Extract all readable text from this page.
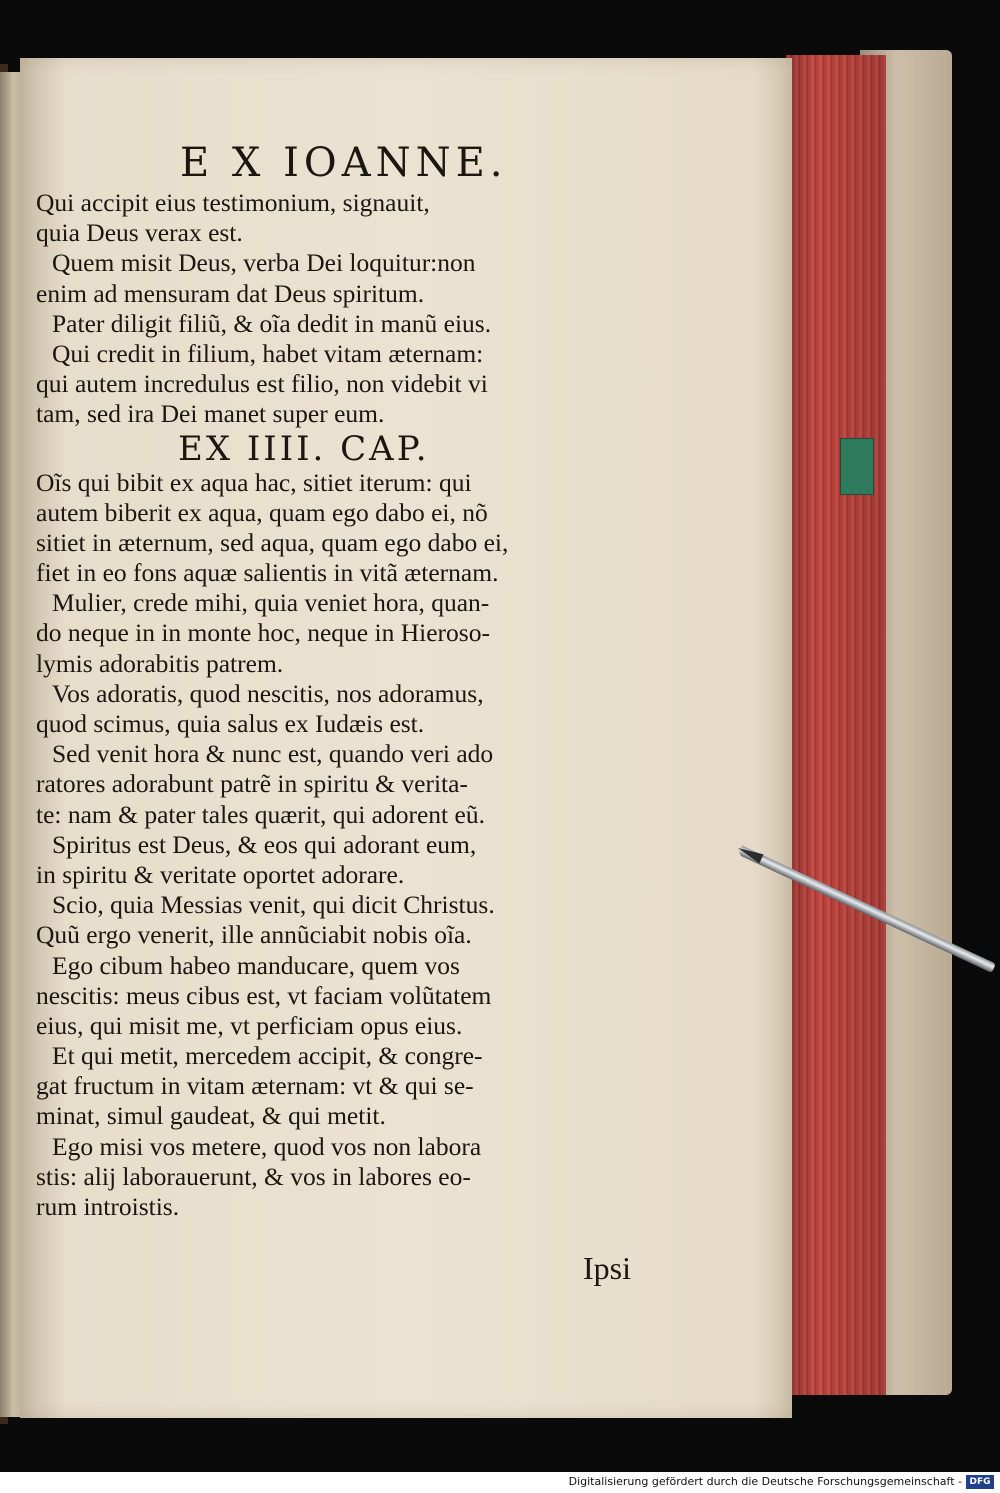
E X IOANNE.
Qui accipit eius testimonium, signauit,
quia Deus verax est.
Quem misit Deus, verba Dei loquitur:non
enim ad mensuram dat Deus spiritum.
Pater diligit filiũ, & oĩa dedit in manũ eius.
Qui credit in filium, habet vitam æternam:
qui autem incredulus est filio, non videbit vi
tam, sed ira Dei manet super eum.
EX IIII. CAP.
Oĩs qui bibit ex aqua hac, sitiet iterum: qui
autem biberit ex aqua, quam ego dabo ei, nõ
sitiet in æternum, sed aqua, quam ego dabo ei,
fiet in eo fons aquæ salientis in vitã æternam.
Mulier, crede mihi, quia veniet hora, quan-
do neque in in monte hoc, neque in Hieroso-
lymis adorabitis patrem.
Vos adoratis, quod nescitis, nos adoramus,
quod scimus, quia salus ex Iudæis est.
Sed venit hora & nunc est, quando veri ado
ratores adorabunt patrẽ in spiritu & verita-
te: nam & pater tales quærit, qui adorent eũ.
Spiritus est Deus, & eos qui adorant eum,
in spiritu & veritate oportet adorare.
Scio, quia Messias venit, qui dicit Christus.
Quũ ergo venerit, ille annũciabit nobis oĩa.
Ego cibum habeo manducare, quem vos
nescitis: meus cibus est, vt faciam volũtatem
eius, qui misit me, vt perficiam opus eius.
Et qui metit, mercedem accipit, & congre-
gat fructum in vitam æternam: vt & qui se-
minat, simul gaudeat, & qui metit.
Ego misi vos metere, quod vos non labora
stis: alij laborauerunt, & vos in labores eo-
rum introistis.
Ipsi
Digitalisierung gefördert durch die Deutsche Forschungsgemeinschaft - DFG
